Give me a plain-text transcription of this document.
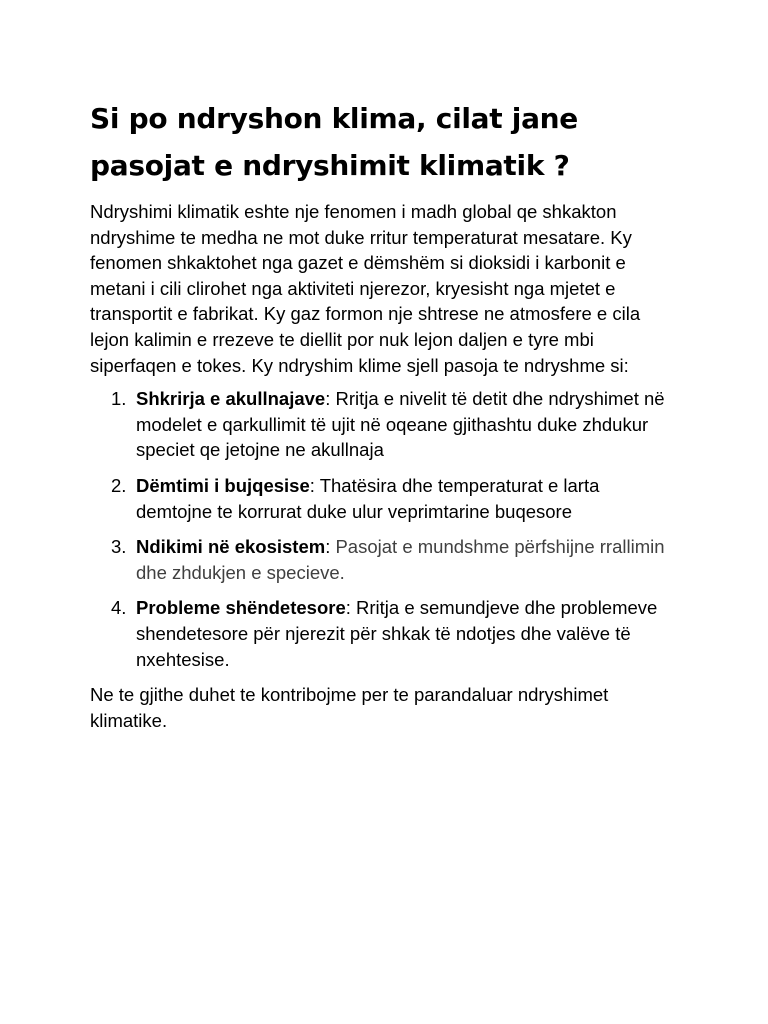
Si po ndryshon klima, cilat jane pasojat e ndryshimit klimatik ?

Ndryshimi klimatik eshte nje fenomen i madh global qe shkakton ndryshime te medha ne mot duke rritur temperaturat mesatare. Ky fenomen shkaktohet nga gazet e dëmshëm si dioksidi i karbonit e metani i cili clirohet nga aktiviteti njerezor, kryesisht nga mjetet e transportit e fabrikat. Ky gaz formon nje shtrese ne atmosfere e cila lejon kalimin e rrezeve te diellit por nuk lejon daljen e tyre mbi siperfaqen e tokes. Ky ndryshim klime sjell pasoja te ndryshme si:

1. Shkrirja e akullnajave: Rritja e nivelit të detit dhe ndryshimet në modelet e qarkullimit të ujit në oqeane gjithashtu duke zhdukur speciet qe jetojne ne akullnaja
2. Dëmtimi i bujqesise: Thatësira dhe temperaturat e larta demtojne te korrurat duke ulur veprimtarine buqesore
3. Ndikimi në ekosistem: Pasojat e mundshme përfshijne rrallimin dhe zhdukjen e specieve.
4. Probleme shëndetesore: Rritja e semundjeve dhe problemeve shendetesore për njerezit për shkak të ndotjes dhe valëve të nxehtesise.

Ne te gjithe duhet te kontribojme per te parandaluar ndryshimet klimatike.
